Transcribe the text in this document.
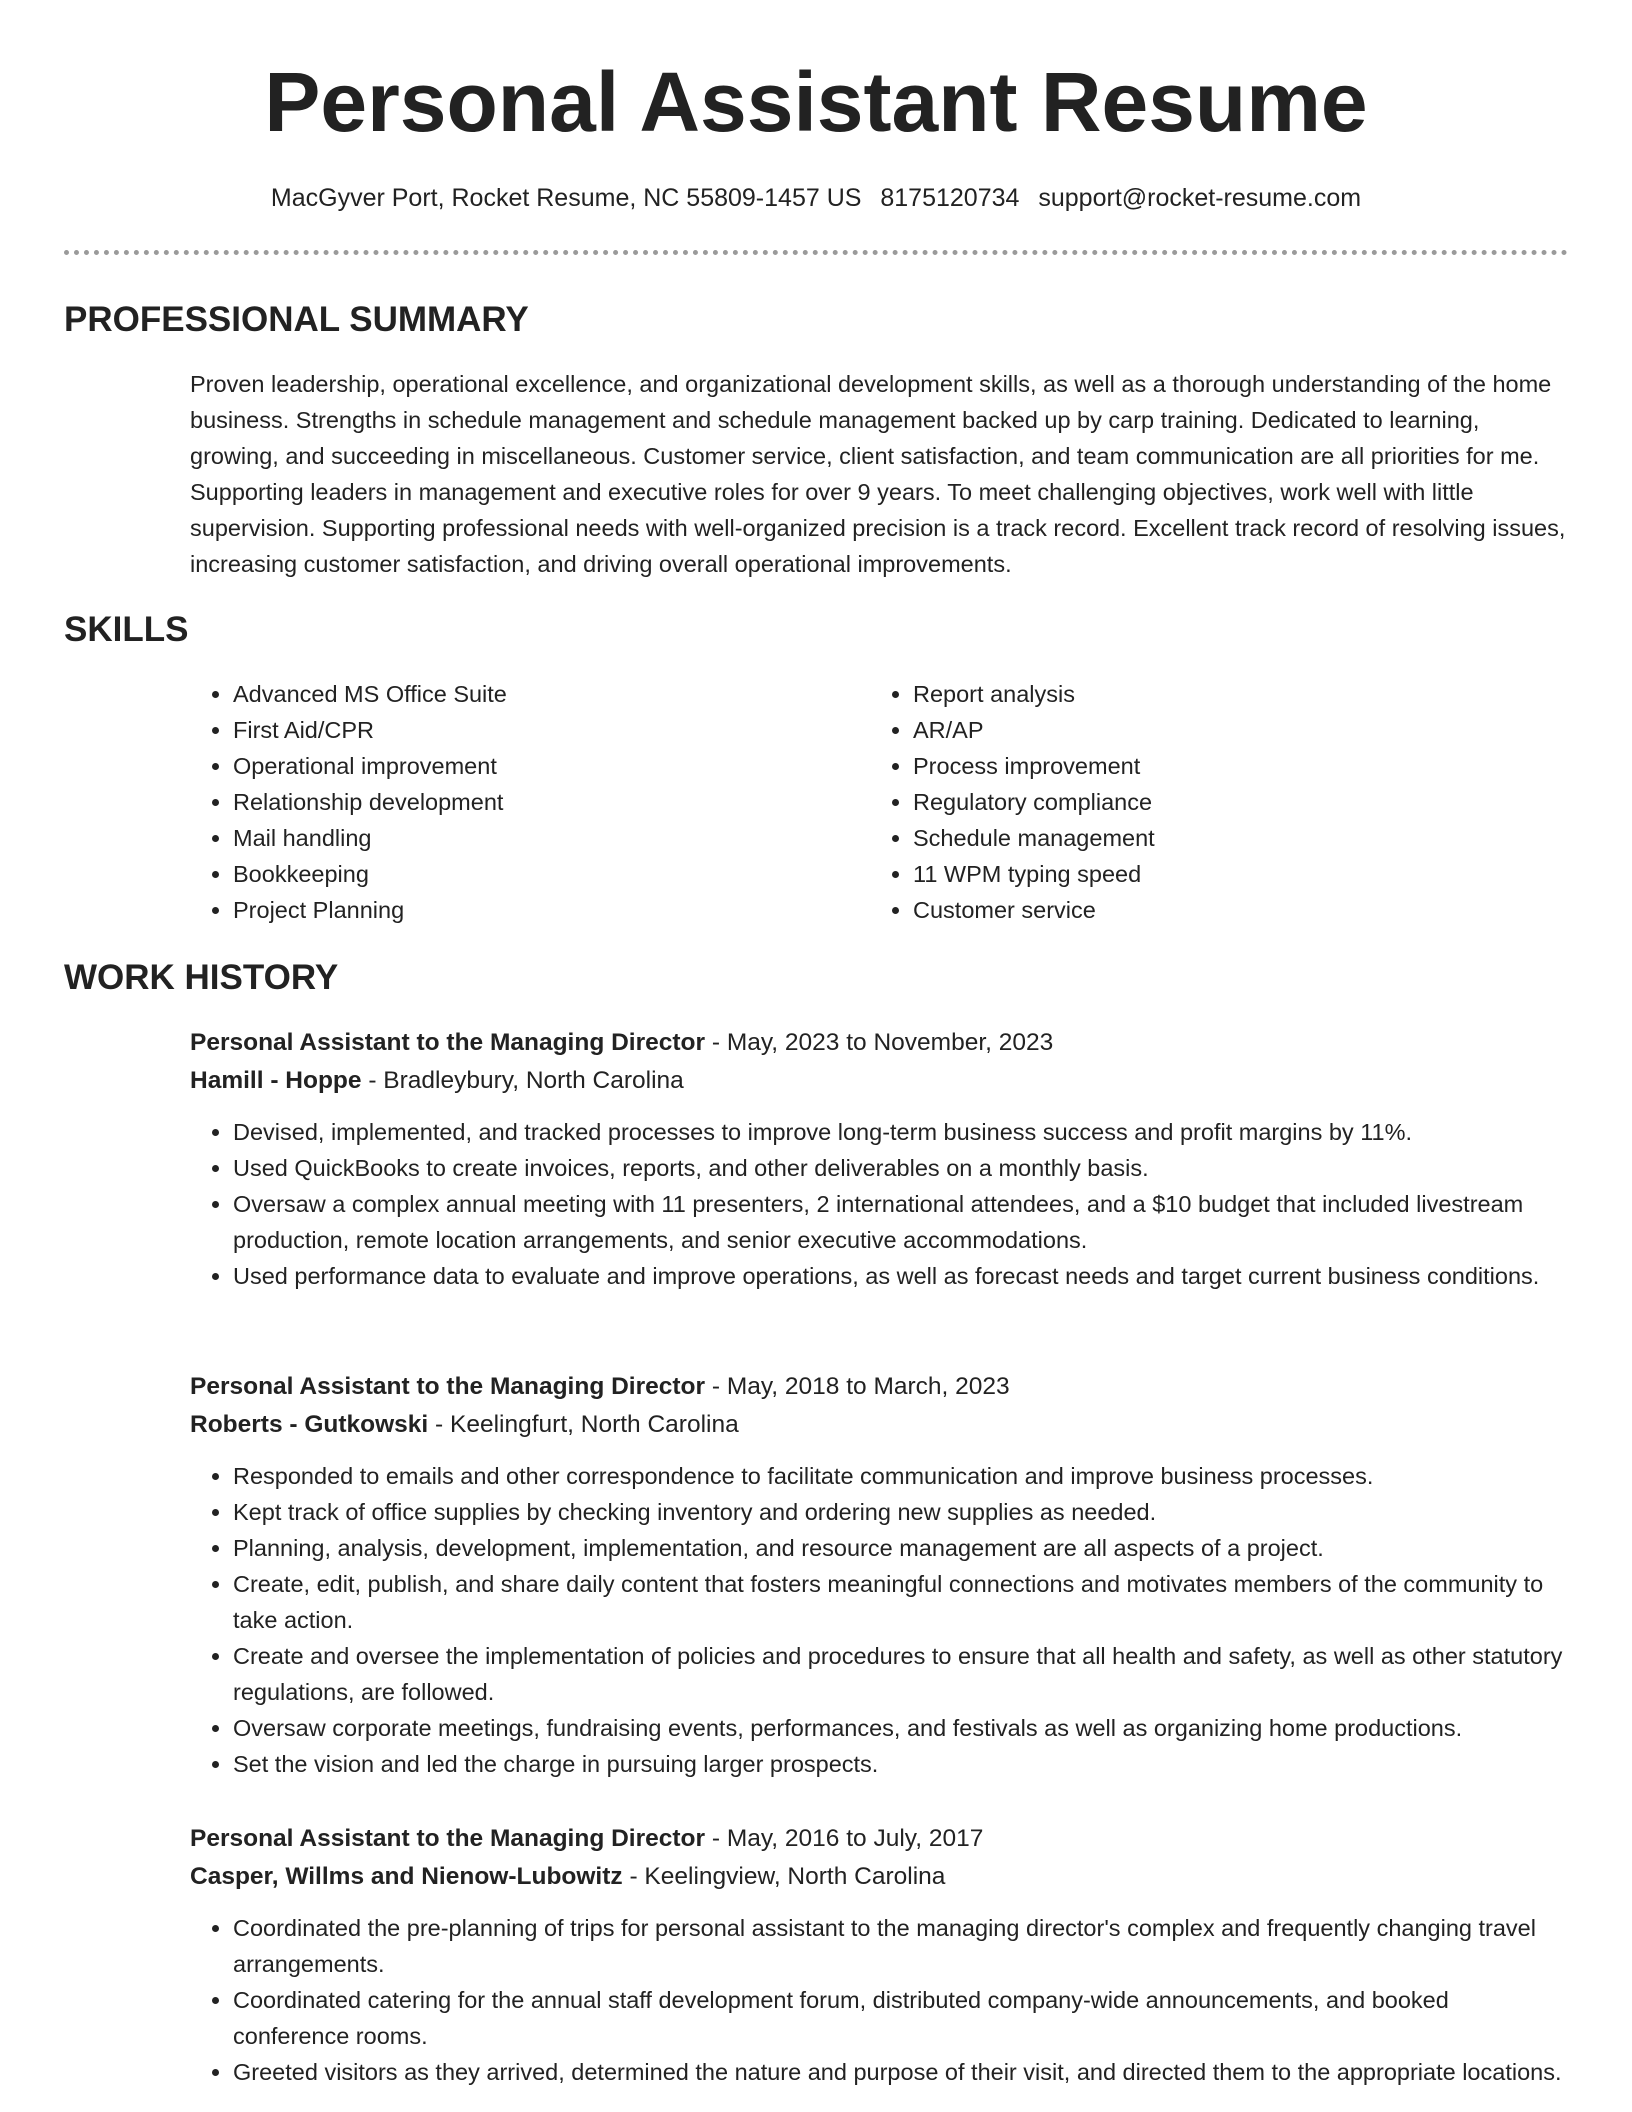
Personal Assistant Resume
MacGyver Port, Rocket Resume, NC 55809-1457 US 8175120734 support@rocket-resume.com
PROFESSIONAL SUMMARY

Proven leadership, operational excellence, and organizational development skills, as well as a thorough understanding of the home business. Strengths in schedule management and schedule management backed up by carp training. Dedicated to learning, growing, and succeeding in miscellaneous. Customer service, client satisfaction, and team communication are all priorities for me. Supporting leaders in management and executive roles for over 9 years. To meet challenging objectives, work well with little supervision. Supporting professional needs with well-organized precision is a track record. Excellent track record of resolving issues, increasing customer satisfaction, and driving overall operational improvements.

SKILLS
• Advanced MS Office Suite
• First Aid/CPR
• Operational improvement
• Relationship development
• Mail handling
• Bookkeeping
• Project Planning
• Report analysis
• AR/AP
• Process improvement
• Regulatory compliance
• Schedule management
• 11 WPM typing speed
• Customer service
WORK HISTORY
Personal Assistant to the Managing Director - May, 2023 to November, 2023
Hamill - Hoppe - Bradleybury, North Carolina
• Devised, implemented, and tracked processes to improve long-term business success and profit margins by 11%.
• Used QuickBooks to create invoices, reports, and other deliverables on a monthly basis.
• Oversaw a complex annual meeting with 11 presenters, 2 international attendees, and a $10 budget that included livestream production, remote location arrangements, and senior executive accommodations.
• Used performance data to evaluate and improve operations, as well as forecast needs and target current business conditions.
Personal Assistant to the Managing Director - May, 2018 to March, 2023
Roberts - Gutkowski - Keelingfurt, North Carolina
• Responded to emails and other correspondence to facilitate communication and improve business processes.
• Kept track of office supplies by checking inventory and ordering new supplies as needed.
• Planning, analysis, development, implementation, and resource management are all aspects of a project.
• Create, edit, publish, and share daily content that fosters meaningful connections and motivates members of the community to take action.
• Create and oversee the implementation of policies and procedures to ensure that all health and safety, as well as other statutory regulations, are followed.
• Oversaw corporate meetings, fundraising events, performances, and festivals as well as organizing home productions.
• Set the vision and led the charge in pursuing larger prospects.
Personal Assistant to the Managing Director - May, 2016 to July, 2017
Casper, Willms and Nienow-Lubowitz - Keelingview, North Carolina
• Coordinated the pre-planning of trips for personal assistant to the managing director's complex and frequently changing travel arrangements.
• Coordinated catering for the annual staff development forum, distributed company-wide announcements, and booked conference rooms.
• Greeted visitors as they arrived, determined the nature and purpose of their visit, and directed them to the appropriate locations.
